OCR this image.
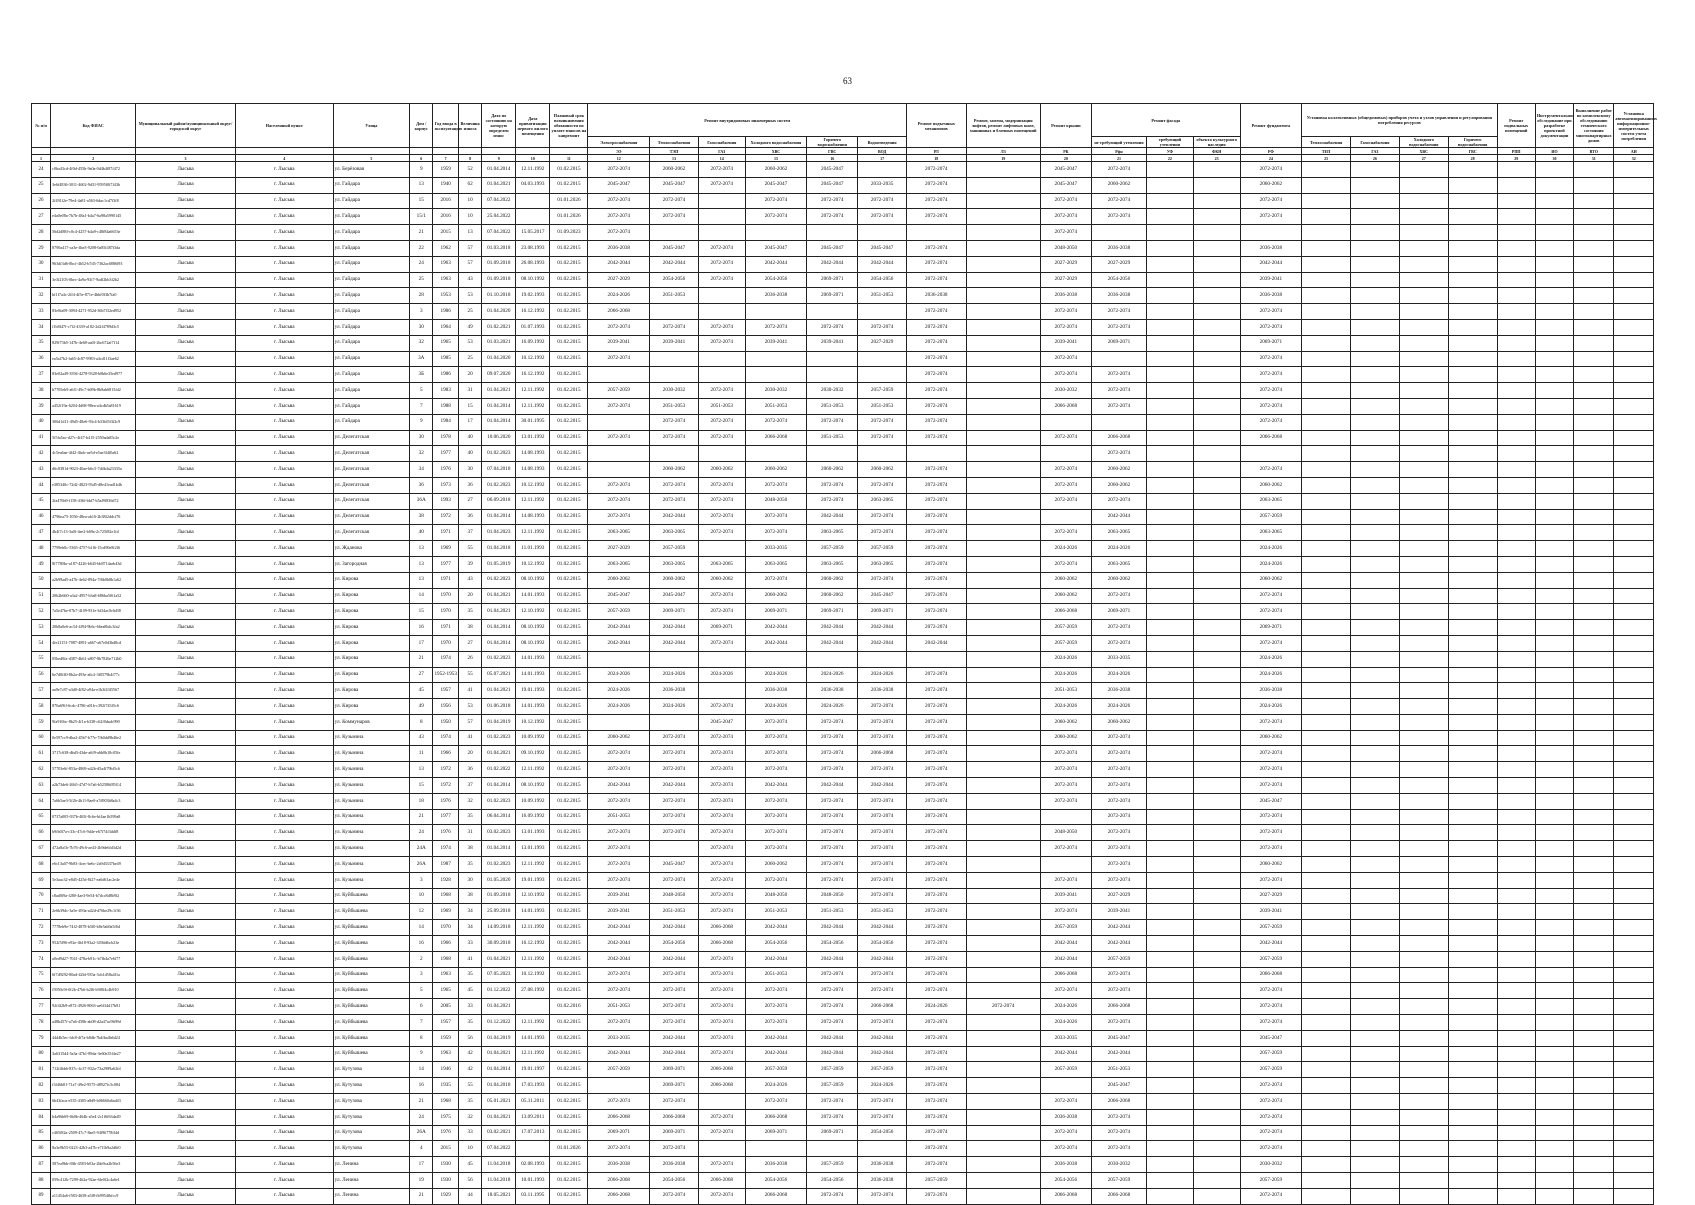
63
№ п/п	Код ФИАС	Муниципальный район/муниципальный округ/городской округ	Населенный пункт	Улица	Дом / корпус	Год ввода в эксплуатацию	Величина износа	Дата по состоянию на которую определен износ	Дата приватизации первого жилого помещения	Плановый срок возникновения обязанности по уплате взносов на капремонт	Ремонт внутридомовых инженерных систем						Ремонт подъемных механизмов	Ремонт, замена, модернизация лифтов, ремонт лифтовых шахт, машинных и блочных помещений	Ремонт крыши	Ремонт фасада			Ремонт фундамента	Установка коллективных (общедомовых) приборов учета и узлов управления и регулирования потребления ресурсов				Ремонт подвальных помещений	Инструментальное обследование при разработке проектной документации	Выполнение работ по комплексному обследованию технического состояния многоквартирных домов	Установка автоматизированных информационно-измерительных систем учета потребления
											Электроснабжения	Теплоснабжения	Газоснабжения	Холодного водоснабжения	Горячего водоснабжения	Водоотведения				не требующий утепления	требующий утепления	объекта культурного наследия		Теплоснабжения	Газоснабжения	Холодного водоснабжения	Горячего водоснабжения				
											ЭЭ	ТЭП	ГАЗ	ХВС	ГВС	ВОД	РЛ	ЛЗ	РК	Рфн	УФ	ФКН	РФ	ТЕП	ГАЗ	ХВС	ГВС	РПП	ИО	ВТО	АИ
1	2	3	4	5	6	7	8	9	10	11	12	13	14	15	16	17	18	19	20	21	22	23	24	25	26	27	28	29	30	31	32
24	c0ba43cd-4f0d-455b-9a0a-0d4b4f87f472	Лысьва	г. Лысьва	ул. Берёзовая	9	1959	52	01.04.2014	12.11.1992	01.02.2015	2072-2074	2060-2062	2072-2074	2060-2062	2045-2047		2072-2074		2045-2047	2072-2074			2072-2074								
25	3e6f4836-3011-4602-9d31-9595f0f7f43b	Лысьва	г. Лысьва	ул. Гайдара	13	1940	62	01.04.2021	04.03.1993	01.02.2015	2045-2047	2045-2047	2072-2074	2045-2047	2045-2047	2033-2035	2072-2074		2045-2047	2060-2062			2060-2062								
26	2f491f2e-79e4-4a81-a563-6dac1cd7f3f8	Лысьва	г. Лысьва	ул. Гайдара	15	2016	10	07.04.2022		01.01.2026	2072-2074	2072-2074		2072-2074	2072-2074	2072-2074	2072-2074		2072-2074	2072-2074			2072-2074								
27	e4a0e08a-7b7b-48a1-b4a7-6a98a5990145	Лысьва	г. Лысьва	ул. Гайдара	15/1	2016	10	25.04.2022		01.01.2026	2072-2074	2072-2074		2072-2074	2072-2074	2072-2074	2072-2074		2072-2074	2072-2074			2072-2074								
28	56d2d88f-c0c4-4257-b4a9-c48f84a6653e	Лысьва	г. Лысьва	ул. Гайдара	21	2015	13	07.04.2022	15.05.2017	01.09.2023	2072-2074								2072-2074												
29	8790a417-ca3e-4be3-9208-0a85f487f3da	Лысьва	г. Лысьва	ул. Гайдара	22	1962	57	01.03.2018	23.08.1993	01.02.2015	2036-2038	2045-2047	2072-2074	2045-2047	2045-2047	2045-2047	2072-2074		2048-2050	2036-2038			2036-2038								
30	963df3d6-0bcf-4b52-b7d3-7362ac6886f93	Лысьва	г. Лысьва	ул. Гайдара	24	1963	57	01.09.2018	26.08.1993	01.02.2015	2042-2044	2042-2044	2072-2074	2042-2044	2042-2044	2042-2044	2072-2074		2027-2029	2027-2029			2042-2044								
31	3e3f2103-0bec-4a9a-93f7-9adf2bb3f2b2	Лысьва	г. Лысьва	ул. Гайдара	25	1963	43	01.09.2018	08.10.1992	01.02.2015	2027-2029	2054-2056	2072-2074	2054-2056	2069-2071	2054-2056	2072-2074		2027-2029	2054-2056			2039-2041								
32	bf1f7a4c-2ff4-4f5e-871e-4bbf0f3b7fa0	Лысьва	г. Лысьва	ул. Гайдара	28	1953	53	01.10.2018	19.02.1993	01.02.2015	2024-2026	2051-2053		2036-2038	2069-2071	2051-2053	2036-2038		2036-2038	2036-2038			2036-2038								
33	83e0fa09-3094-4271-952d-36b7f32ed952	Лысьва	г. Лысьва	ул. Гайдара	3	1986	25	01.04.2020	16.12.1992	01.02.2015	2066-2068						2072-2074		2072-2074	2072-2074			2072-2074								
34	f1b8f47f-c7f2-4339-a182-2d2f4789d3c5	Лысьва	г. Лысьва	ул. Гайдара	30	1964	49	01.02.2021	01.07.1993	01.02.2015	2072-2074	2072-2074	2072-2074	2072-2074	2072-2074	2072-2074	2072-2074		2072-2074	2072-2074			2072-2074								
35	829f73b5-147b-4e68-aa0f-2bc672af7f14	Лысьва	г. Лысьва	ул. Гайдара	32	1965	53	01.03.2021	16.09.1992	01.02.2015	2039-2041	2039-2041	2072-2074	2039-2041	2039-2041	2027-2029	2072-2074		2039-2041	2069-2071			2069-2071								
36	ea5af7b2-fa65-4c87-9983-a4cd11f3ae62	Лысьва	г. Лысьва	ул. Гайдара	3А	1985	25	01.04.2020	10.12.1992	01.02.2015	2072-2074						2072-2074		2072-2074				2072-2074								
37	83e02a49-3594-4278-9328-b0b6e35ed977	Лысьва	г. Лысьва	ул. Гайдара	3Б	1986	20	09.07.2020	16.12.1992	01.02.2015							2072-2074		2072-2074	2072-2074			2072-2074								
38	b7705eb9-a6f1-49c7-b09b-8b8ab6815fd2	Лысьва	г. Лысьва	ул. Гайдара	5	1983	31	01.04.2021	12.11.1992	01.02.2015	2057-2059	2030-2032	2072-2074	2030-2032	2030-2032	2057-2059	2072-2074		2030-2032	2072-2074			2072-2074								
39	a452f19a-6204-4d68-98ea-a4cdb5a81619	Лысьва	г. Лысьва	ул. Гайдара	7	1988	15	01.04.2014	12.11.1992	01.02.2015	2072-2074	2051-2053	2051-2053	2051-2053	2051-2053	2051-2053	2072-2074		2066-2068	2072-2074			2072-2074								
40	306d1d11-49d5-48e6-93c4-b33fd5f3f2c9	Лысьва	г. Лысьва	ул. Гайдара	9	1984	17	01.04.2014	30.01.1995	01.02.2015		2072-2074	2072-2074	2072-2074	2072-2074	2072-2074	2072-2074						2072-2074								
41	5f5fa5ac-d27c-4f47-b415-2550ada85c2e	Лысьва	г. Лысьва	ул. Делегатская	30	1978	40	10.06.2020	13.01.1992	01.02.2015	2072-2074	2072-2074	2072-2074	2066-2068	2051-2053	2072-2074	2072-2074		2072-2074	2066-2068			2066-2068								
42	4c5ea6ae-4f42-4bdc-ae5d-e5ae3f4f0a62	Лысьва	г. Лысьва	ул. Делегатская	32	1977	40	01.02.2023	14.08.1993	01.02.2015										2072-2074											
43	d6c8381d-9023-40ae-b6c5-7d4b4a23335a	Лысьва	г. Лысьва	ул. Делегатская	34	1976	30	07.04.2018	14.08.1993	01.02.2015		2060-2062	2060-2062	2060-2062	2060-2062	2060-2062	2072-2074		2072-2074	2060-2062			2072-2074								
44	e385340c-72d2-4823-93d5-d8e41ead1b4b	Лысьва	г. Лысьва	ул. Делегатская	36	1973	36	01.02.2023	10.12.1992	01.02.2015	2072-2074	2072-2074	2072-2074	2072-2074	2072-2074	2072-2074	2072-2074		2072-2074	2060-2062			2060-2062								
45	2fa476b9-f158-436f-bbf7-b5af9f836d72	Лысьва	г. Лысьва	ул. Делегатская	36А	1993	27	06.09.2018	12.11.1992	01.02.2015	2072-2074	2072-2074	2072-2074	2048-2050	2072-2074	2063-2065	2072-2074		2072-2074	2072-2074			2063-2065								
46	4796ea75-1056-48ea-ab16-2b38f2ddcf76	Лысьва	г. Лысьва	ул. Делегатская	38	1972	36	01.04.2014	14.08.1993	01.02.2015	2072-2074	2042-2044	2072-2074	2072-2074	2042-2044	2072-2074	2072-2074			2042-2044			2057-2059								
47	4b4f7c13-3a0f-4ee2-b69a-2c725f82e1fd	Лысьва	г. Лысьва	ул. Делегатская	40	1971	37	01.04.2023	12.11.1992	01.02.2015	2063-2065	2063-2065	2072-2074	2072-2074	2063-2065	2072-2074	2072-2074		2072-2074	2063-2065			2063-2065								
48	7799eb0c-5365-4757-b1f6-15cd90e8f2f6	Лысьва	г. Лысьва	ул. Жданова	13	1969	55	01.04.2018	11.01.1993	01.02.2015	2027-2029	2057-2059		2033-2035	2057-2059	2057-2059	2072-2074		2024-2026	2024-2026			2024-2026								
49	8f7780bc-a187-4226-b645-bb8714aeb43d	Лысьва	г. Лысьва	ул. Загородная	13	1977	39	01.05.2019	10.12.1992	01.02.2015	2063-2065	2063-2065	2063-2065	2063-2065	2063-2065	2063-2065	2072-2074		2072-2074	2063-2065			2024-2026								
50	a2b99ad5-a47b-4e62-894a-7f6b0b8b1a62	Лысьва	г. Лысьва	ул. Кирова	13	1971	43	01.02.2023	08.10.1992	01.02.2015	2060-2062	2060-2062	2060-2062	2072-2074	2060-2062	2072-2074	2072-2074		2060-2062	2060-2062			2060-2062								
51	20b2b660-a3a2-4957-b3a8-686ba5f61a52	Лысьва	г. Лысьва	ул. Кирова	14	1970	20	01.04.2021	14.01.1993	01.02.2015	2045-2047	2045-2047	2072-2074	2060-2062	2060-2062	2045-2047	2072-2074		2060-2062	2072-2074			2072-2074								
52	7a5e47be-07b7-4109-931e-bf34ac0c6d38	Лысьва	г. Лысьва	ул. Кирова	15	1970	35	01.04.2021	12.10.1992	01.02.2015	2057-2059	2069-2071	2072-2074	2069-2071	2069-2071	2069-2071	2072-2074		2066-2068	2069-2071			2072-2074								
53	20b8a0e6-ac54-4f94-9b6c-66ea8b4c3fa2	Лысьва	г. Лысьва	ул. Кирова	16	1971	38	01.04.2014	08.10.1992	01.02.2015	2042-2044	2042-2044	2069-2071	2042-2044	2042-2044	2042-2044	2072-2074		2057-2059	2072-2074			2069-2071								
54	4fe21151-7087-4891-a667-a67e0d3bd8cd	Лысьва	г. Лысьва	ул. Кирова	17	1970	27	01.04.2014	08.10.1992	01.02.2015	2042-2044	2042-2044	2072-2074	2042-2044	2042-2044	2042-2044	2042-2044		2057-2059	2072-2074			2072-2074								
55	05bed0fa-d387-4b61-a807-8b7826e712b0	Лысьва	г. Лысьва	ул. Кирова	21	1974	26	01.02.2023	14.01.1993	01.02.2015									2024-2026	2033-2035			2024-2026								
56	6e7d0f40-8b2a-493e-a6c2-3f0579b4f77c	Лысьва	г. Лысьва	ул. Кирова	27	1952-1953	55	05.07.2021	14.01.1993	01.02.2015	2024-2026	2024-2026	2024-2026	2024-2026	2024-2026	2024-2026	2072-2074		2024-2026	2024-2026			2024-2026								
57	aa9e7c87-a3d0-4f82-a94a-e1b3f43f5567	Лысьва	г. Лысьва	ул. Кирова	45	1957	41	01.04.2021	19.01.1993	01.02.2015	2024-2026	2036-2038		2036-2038	2036-2038	2036-2038	2072-2074		2051-2053	2036-2038			2036-2038								
58	870a69ff-6cdc-4786-a01b-c392f743f5c6	Лысьва	г. Лысьва	ул. Кирова	49	1956	53	01.06.2018	14.01.1993	01.02.2015	2024-2026	2024-2026	2072-2074	2024-2026	2024-2026	2072-2074	2072-2074		2024-2026	2024-2026			2024-2026								
59	9fa916bc-8b25-4f1a-b338-c62f0dadc990	Лысьва	г. Лысьва	ул. Коммунаров	8	1950	57	01.04.2019	10.12.1992	01.02.2015			2045-2047	2072-2074	2072-2074	2072-2074	2072-2074		2060-2062	2060-2062			2072-2074								
60	0e597cc9-dba2-45b7-b77e-7fb0dd9b46e2	Лысьва	г. Лысьва	ул. Кузьмина	43	1974	41	01.02.2023	10.09.1992	01.02.2015	2060-2062	2072-2074	2072-2074	2072-2074	2072-2074	2072-2074	2072-2074		2060-2062	2072-2074			2060-2062								
61	3717c638-dbd3-43de-a6f9-a6b0b10c05fe	Лысьва	г. Лысьва	ул. Кузьмина	11	1966	20	01.04.2021	09.10.1992	01.02.2015	2072-2074	2072-2074	2072-2074	2072-2074	2072-2074	2066-2068	2072-2074		2072-2074	2072-2074			2072-2074								
62	57703e6f-853a-4869-a42b-d5a4f79bf5c6	Лысьва	г. Лысьва	ул. Кузьмина	13	1972	36	01.02.2022	12.11.1992	01.02.2015	2072-2074	2072-2074	2072-2074	2072-2074	2072-2074	2072-2074	2072-2074		2072-2074	2072-2074			2072-2074								
63	a2b73de6-26b5-47d7-b7a6-b52586f85f14	Лысьва	г. Лысьва	ул. Кузьмина	15	1972	37	01.04.2014	08.10.1992	01.02.2015	2042-2044	2042-2044	2072-2074	2042-2044	2042-2044	2042-2044	2072-2074		2072-2074	2072-2074			2072-2074								
64	7a6b5ae3-5f2b-4b11-8ae0-a7d903b8a4c3	Лысьва	г. Лысьва	ул. Кузьмина	18	1976	32	01.02.2023	10.09.1992	01.02.2015	2072-2074	2072-2074	2072-2074	2072-2074	2072-2074	2072-2074	2072-2074		2072-2074	2072-2074			2045-2047								
65	0737a005-037b-465f-8c6e-bf4ae1b599a8	Лысьва	г. Лысьва	ул. Кузьмина	21	1977	35	06.04.2014	16.09.1992	01.02.2015	2051-2053	2072-2074	2072-2074	2072-2074	2072-2074	2072-2074	2072-2074			2072-2074			2072-2074								
66	b9fb0f7a-c33c-47c6-9d4e-e67f74f3ddf8	Лысьва	г. Лысьва	ул. Кузьмина	24	1976	31	03.02.2023	13.01.1993	01.02.2015	2072-2074	2072-2074	2072-2074	2072-2074	2072-2074	2072-2074	2072-2074		2048-2050	2072-2074			2072-2074								
67	472a8a1b-7b76-49c6-ae43-2b9de6fd3d2d	Лысьва	г. Лысьва	ул. Кузьмина	24А	1974	38	01.04.2014	13.01.1993	01.02.2015	2072-2074		2072-2074	2072-2074	2072-2074	2072-2074	2072-2074		2072-2074	2072-2074			2072-2074								
68	e6c13a07-9b83-4cec-be6c-2a9d3337be49	Лысьва	г. Лысьва	ул. Кузьмина	26А	1987	35	01.02.2023	12.11.1992	01.02.2015	2072-2074	2045-2047	2072-2074	2060-2062	2072-2074	2072-2074	2072-2074			2072-2074			2060-2062								
69	5e3aac32-e8d5-425d-8f27-ea6d61ac2e4e	Лысьва	г. Лысьва	ул. Кузьмина	3	1928	30	01.05.2020	19.01.1993	01.02.2015	2072-2074	2072-2074	2072-2074	2072-2074	2072-2074	2072-2074	2072-2074		2072-2074	2072-2074			2072-2074								
70	c8ad0f9a-f280-4ae3-9e54-b7dcc8d8b9f2	Лысьва	г. Лысьва	ул. Куйбышева	10	1968	38	01.09.2018	12.10.1992	01.02.2015	2039-2041	2048-2050	2072-2074	2048-2050	2048-2050	2072-2074	2072-2074		2039-2041	2027-2029			2027-2029								
71	2e6b39dc-3a5e-493a-a42d-d76be29c1f36	Лысьва	г. Лысьва	ул. Куйбышева	12	1969	34	25.09.2018	14.01.1993	01.02.2015	2039-2041	2051-2053	2072-2074	2051-2053	2051-2053	2051-2053	2072-2074		2072-2074	2039-2041			2039-2041								
72	7778eb9e-74f2-4878-b5f0-b8e5ab9a5f6d	Лысьва	г. Лысьва	ул. Куйбышева	14	1970	34	14.09.2018	12.11.1992	01.02.2015	2042-2044	2042-2044	2066-2068	2042-2044	2042-2044	2042-2044	2072-2074		2057-2059	2042-2044			2057-2059								
73	952f5f96-e92e-4b18-93a2-3f56fdbcb23e	Лысьва	г. Лысьва	ул. Куйбышева	16	1966	33	30.09.2018	16.12.1992	01.02.2015	2042-2044	2054-2056	2066-2068	2054-2056	2054-2056	2054-2056	2072-2074		2042-2044	2042-2044			2042-2044								
74	a0ed9d27-7041-478a-b91c-b7fb4a7e6f77	Лысьва	г. Лысьва	ул. Куйбышева	2	1968	41	01.04.2021	12.11.1992	01.02.2015	2042-2044	2042-2044	2072-2074	2042-2044	2042-2044	2042-2044	2072-2074		2042-2044	2057-2059			2057-2059								
75	6f7d9292-80ad-42bf-935a-3cb1d58a4f1a	Лысьва	г. Лысьва	ул. Куйбышева	3	1963	35	07.05.2023	10.12.1992	01.02.2015	2072-2074	2072-2074	2072-2074	2051-2053	2072-2074	2072-2074	2072-2074		2066-2068	2072-2074			2066-2068								
76	f5950c9f-0f2b-47b6-b2f6-b9f8f4c4b910	Лысьва	г. Лысьва	ул. Куйбышева	5	1965	45	01.12.2022	27.08.1992	01.02.2015	2072-2074	2072-2074	2072-2074	2072-2074	2072-2074	2072-2074	2072-2074		2072-2074	2072-2074			2072-2074								
77	92f4f2b9-e872-4926-8063-ae6f34d17b81	Лысьва	г. Лысьва	ул. Куйбышева	6	2005	33	01.04.2021		01.02.2016	2051-2053	2072-2074	2072-2074	2072-2074	2072-2074	2066-2068	2024-2026	2072-2074	2024-2026	2066-2068			2072-2074								
78	a48b457f-a7a6-458b-ab08-d2a47ac9b99d	Лысьва	г. Лысьва	ул. Куйбышева	7	1957	35	01.12.2022	12.11.1992	01.02.2015	2072-2074	2072-2074	2072-2074	2072-2074	2072-2074	2072-2074	2072-2074		2024-2026	2072-2074			2072-2074								
79	44d4b5ec-fdc8-4f7a-b8db-7bdfba4b6d24	Лысьва	г. Лысьва	ул. Куйбышева	8	1959	56	01.04.2019	14.01.1993	01.02.2015	2033-2035	2042-2044	2072-2074	2042-2044	2042-2044	2042-2044	2072-2074		2033-2035	2045-2047			2045-2047								
80	3a6315d4-5a3a-47b1-89da-3e60e35f4e27	Лысьва	г. Лысьва	ул. Куйбышева	9	1963	42	01.04.2021	12.11.1992	01.02.2015	2042-2044	2042-2044	2072-2074	2042-2044	2042-2044	2042-2044	2072-2074		2042-2044	2042-2044			2057-2059								
81	712f4bb6-837c-4c37-932a-73a2989a62fd	Лысьва	г. Лысьва	ул. Кутузова	14	1946	42	01.04.2014	19.01.1997	01.02.2015	2057-2059	2069-2071	2066-2068	2057-2059	2057-2059	2057-2059	2072-2074		2057-2059	2051-2053			2057-2059								
82	f3f46b81-71a7-49e2-9575-d8927fc5c084	Лысьва	г. Лысьва	ул. Кутузова	16	1935	55	01.04.2018	17.03.1993	01.02.2015		2069-2071	2066-2068	2024-2026	2057-2059	2024-2026	2072-2074			2045-2047			2072-2074								
83	6b43faca-e535-4305-a8d9-b06660a6ad43	Лысьва	г. Лысьва	ул. Кутузова	21	1968	35	05.01.2021	05.11.2011	01.02.2015	2072-2074	2072-2074		2072-2074	2072-2074	2072-2074	2072-2074		2072-2074	2066-2068			2072-2074								
84	b4a96b69-6b0b-464b-a5e4-2c1f6f63da49	Лысьва	г. Лысьва	ул. Кутузова	24	1975	32	01.04.2021	13.09.2011	01.02.2015	2066-2068	2066-2068	2072-2074	2066-2068	2072-2074	2072-2074	2072-2074		2036-2038	2072-2074			2072-2074								
85	c465f82a-2509-47c7-8ae5-94f96778ff4d	Лысьва	г. Лысьва	ул. Кутузова	26А	1976	33	03.02.2021	17.07.2013	01.02.2015	2069-2071	2069-2071	2072-2074	2069-2071	2069-2071	2054-2056	2072-2074		2072-2074	2072-2074			2072-2074								
86	8a3e9b55-0223-42b3-a47b-e7f1b9a2d6f0	Лысьва	г. Лысьва	ул. Кутузова	4	2015	10	07.04.2022		01.01.2026	2072-2074	2072-2074					2072-2074		2072-2074	2072-2074			2072-2074								
87	587ea9bb-f0fb-4583-b03a-2bb9ca2b56e3	Лысьва	г. Лысьва	ул. Ленина	17	1930	45	11.04.2018	02.08.1993	01.02.2015	2036-2038	2036-2038	2072-2074	2036-2038	2057-2059	2036-2038	2072-2074		2036-2038	2030-2032			2030-2032								
88	059c412b-7299-462a-92ae-6fe0f2c4a6e1	Лысьва	г. Лысьва	ул. Ленина	19	1930	56	11.04.2018	10.01.1993	01.02.2015	2066-2068	2054-2056	2066-2068	2054-2056	2054-2056	2036-2038	2057-2059		2054-2056	2057-2059			2057-2059								
89	a11454a6-f583-4658-a5f8-fb9954fbfcc9	Лысьва	г. Лысьва	ул. Ленина	21	1929	44	18.05.2021	03.11.1995	01.02.2015	2066-2068	2072-2074	2072-2074	2066-2068	2072-2074	2072-2074	2072-2074		2066-2068	2066-2068			2072-2074								
